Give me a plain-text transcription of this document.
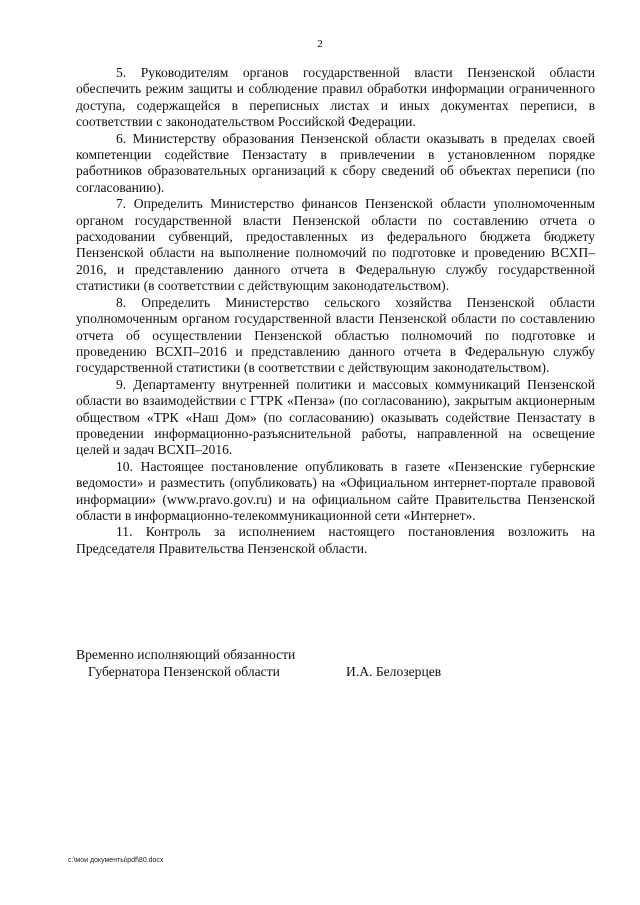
2

5. Руководителям органов государственной власти Пензенской области обеспечить режим защиты и соблюдение правил обработки информации ограниченного доступа, содержащейся в переписных листах и иных документах переписи, в соответствии с законодательством Российской Федерации.

6. Министерству образования Пензенской области оказывать в пределах своей компетенции содействие Пензастату в привлечении в установленном порядке работников образовательных организаций к сбору сведений об объектах переписи (по согласованию).

7. Определить Министерство финансов Пензенской области уполномоченным органом государственной власти Пензенской области по составлению отчета о расходовании субвенций, предоставленных из федерального бюджета бюджету Пензенской области на выполнение полномочий по подготовке и проведению ВСХП–2016, и представлению данного отчета в Федеральную службу государственной статистики (в соответствии с действующим законодательством).

8. Определить Министерство сельского хозяйства Пензенской области уполномоченным органом государственной власти Пензенской области по составлению отчета об осуществлении Пензенской областью полномочий по подготовке и проведению ВСХП–2016 и представлению данного отчета в Федеральную службу государственной статистики (в соответствии с действующим законодательством).

9. Департаменту внутренней политики и массовых коммуникаций Пензенской области во взаимодействии с ГТРК «Пенза» (по согласованию), закрытым акционерным обществом «ТРК «Наш Дом» (по согласованию) оказывать содействие Пензастату в проведении информационно-разъяснительной работы, направленной на освещение целей и задач ВСХП–2016.

10. Настоящее постановление опубликовать в газете «Пензенские губернские ведомости» и разместить (опубликовать) на «Официальном интернет-портале правовой информации» (www.pravo.gov.ru) и на официальном сайте Правительства Пензенской области в информационно-телекоммуникационной сети «Интернет».

11. Контроль за исполнением настоящего постановления возложить на Председателя Правительства Пензенской области.

Временно исполняющий обязанности

Губернатора Пензенской области	И.А. Белозерцев

c:\мои документы\pdf\80.docx
